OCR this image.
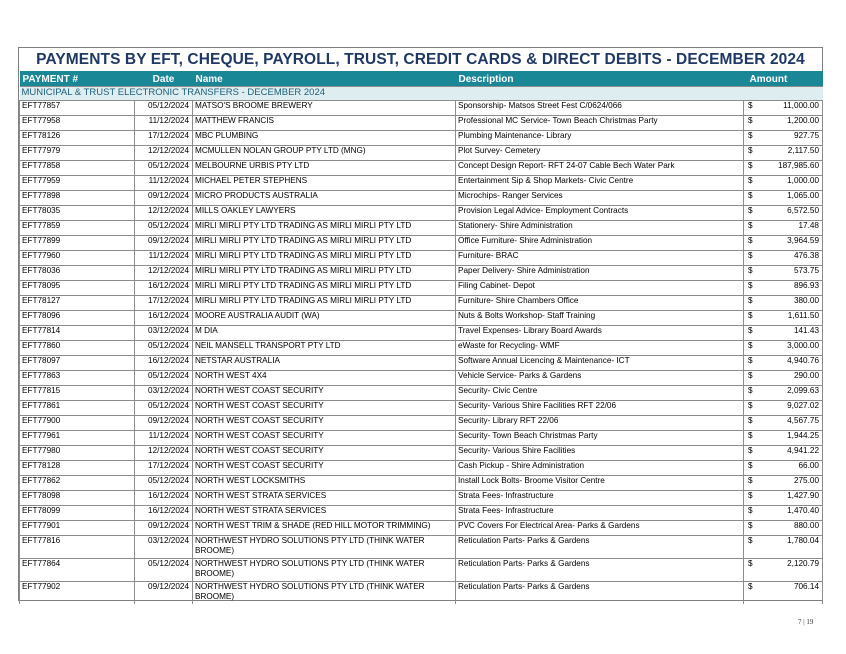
PAYMENTS BY EFT, CHEQUE, PAYROLL, TRUST, CREDIT CARDS & DIRECT DEBITS - DECEMBER 2024
PAYMENT #	Date	Name	Description	Amount
MUNICIPAL & TRUST ELECTRONIC TRANSFERS - DECEMBER 2024				
EFT77857	05/12/2024	MATSO'S BROOME BREWERY	Sponsorship- Matsos Street Fest C/0624/066	$ 11,000.00
EFT77958	11/12/2024	MATTHEW FRANCIS	Professional MC Service- Town Beach Christmas Party	$ 1,200.00
EFT78126	17/12/2024	MBC PLUMBING	Plumbing Maintenance- Library	$ 927.75
EFT77979	12/12/2024	MCMULLEN NOLAN GROUP PTY LTD (MNG)	Plot Survey- Cemetery	$ 2,117.50
EFT77858	05/12/2024	MELBOURNE URBIS PTY LTD	Concept Design Report- RFT 24-07 Cable Bech Water Park	$ 187,985.60
EFT77959	11/12/2024	MICHAEL PETER STEPHENS	Entertainment Sip & Shop Markets- Civic Centre	$ 1,000.00
EFT77898	09/12/2024	MICRO PRODUCTS AUSTRALIA	Microchips- Ranger Services	$ 1,065.00
EFT78035	12/12/2024	MILLS OAKLEY LAWYERS	Provision Legal Advice- Employment Contracts	$ 6,572.50
EFT77859	05/12/2024	MIRLI MIRLI PTY LTD TRADING AS MIRLI MIRLI PTY LTD	Stationery- Shire Administration	$ 17.48
EFT77899	09/12/2024	MIRLI MIRLI PTY LTD TRADING AS MIRLI MIRLI PTY LTD	Office Furniture- Shire Administration	$ 3,964.59
EFT77960	11/12/2024	MIRLI MIRLI PTY LTD TRADING AS MIRLI MIRLI PTY LTD	Furniture- BRAC	$ 476.38
EFT78036	12/12/2024	MIRLI MIRLI PTY LTD TRADING AS MIRLI MIRLI PTY LTD	Paper Delivery- Shire Administration	$ 573.75
EFT78095	16/12/2024	MIRLI MIRLI PTY LTD TRADING AS MIRLI MIRLI PTY LTD	Filing Cabinet- Depot	$ 896.93
EFT78127	17/12/2024	MIRLI MIRLI PTY LTD TRADING AS MIRLI MIRLI PTY LTD	Furniture- Shire Chambers Office	$ 380.00
EFT78096	16/12/2024	MOORE AUSTRALIA AUDIT (WA)	Nuts & Bolts Workshop- Staff Training	$ 1,611.50
EFT77814	03/12/2024	M DIA	Travel Expenses- Library Board Awards	$ 141.43
EFT77860	05/12/2024	NEIL MANSELL TRANSPORT PTY LTD	eWaste for Recycling- WMF	$ 3,000.00
EFT78097	16/12/2024	NETSTAR AUSTRALIA	Software Annual Licencing & Maintenance- ICT	$ 4,940.76
EFT77863	05/12/2024	NORTH WEST 4X4	Vehicle Service- Parks & Gardens	$ 290.00
EFT77815	03/12/2024	NORTH WEST COAST SECURITY	Security- Civic Centre	$ 2,099.63
EFT77861	05/12/2024	NORTH WEST COAST SECURITY	Security- Various Shire Facilities RFT 22/06	$ 9,027.02
EFT77900	09/12/2024	NORTH WEST COAST SECURITY	Security- Library RFT 22/06	$ 4,567.75
EFT77961	11/12/2024	NORTH WEST COAST SECURITY	Security- Town Beach Christmas Party	$ 1,944.25
EFT77980	12/12/2024	NORTH WEST COAST SECURITY	Security- Various Shire Facilities	$ 4,941.22
EFT78128	17/12/2024	NORTH WEST COAST SECURITY	Cash Pickup - Shire Administration	$ 66.00
EFT77862	05/12/2024	NORTH WEST LOCKSMITHS	Install Lock Bolts- Broome Visitor Centre	$ 275.00
EFT78098	16/12/2024	NORTH WEST STRATA SERVICES	Strata Fees- Infrastructure	$ 1,427.90
EFT78099	16/12/2024	NORTH WEST STRATA SERVICES	Strata Fees- Infrastructure	$ 1,470.40
EFT77901	09/12/2024	NORTH WEST TRIM & SHADE (RED HILL MOTOR TRIMMING)	PVC Covers For Electrical Area- Parks & Gardens	$ 880.00
EFT77816	03/12/2024	NORTHWEST HYDRO SOLUTIONS PTY LTD (THINK WATER BROOME)	Reticulation Parts- Parks & Gardens	$ 1,780.04
EFT77864	05/12/2024	NORTHWEST HYDRO SOLUTIONS PTY LTD (THINK WATER BROOME)	Reticulation Parts- Parks & Gardens	$ 2,120.79
EFT77902	09/12/2024	NORTHWEST HYDRO SOLUTIONS PTY LTD (THINK WATER BROOME)	Reticulation Parts- Parks & Gardens	$ 706.14
7 | 19
